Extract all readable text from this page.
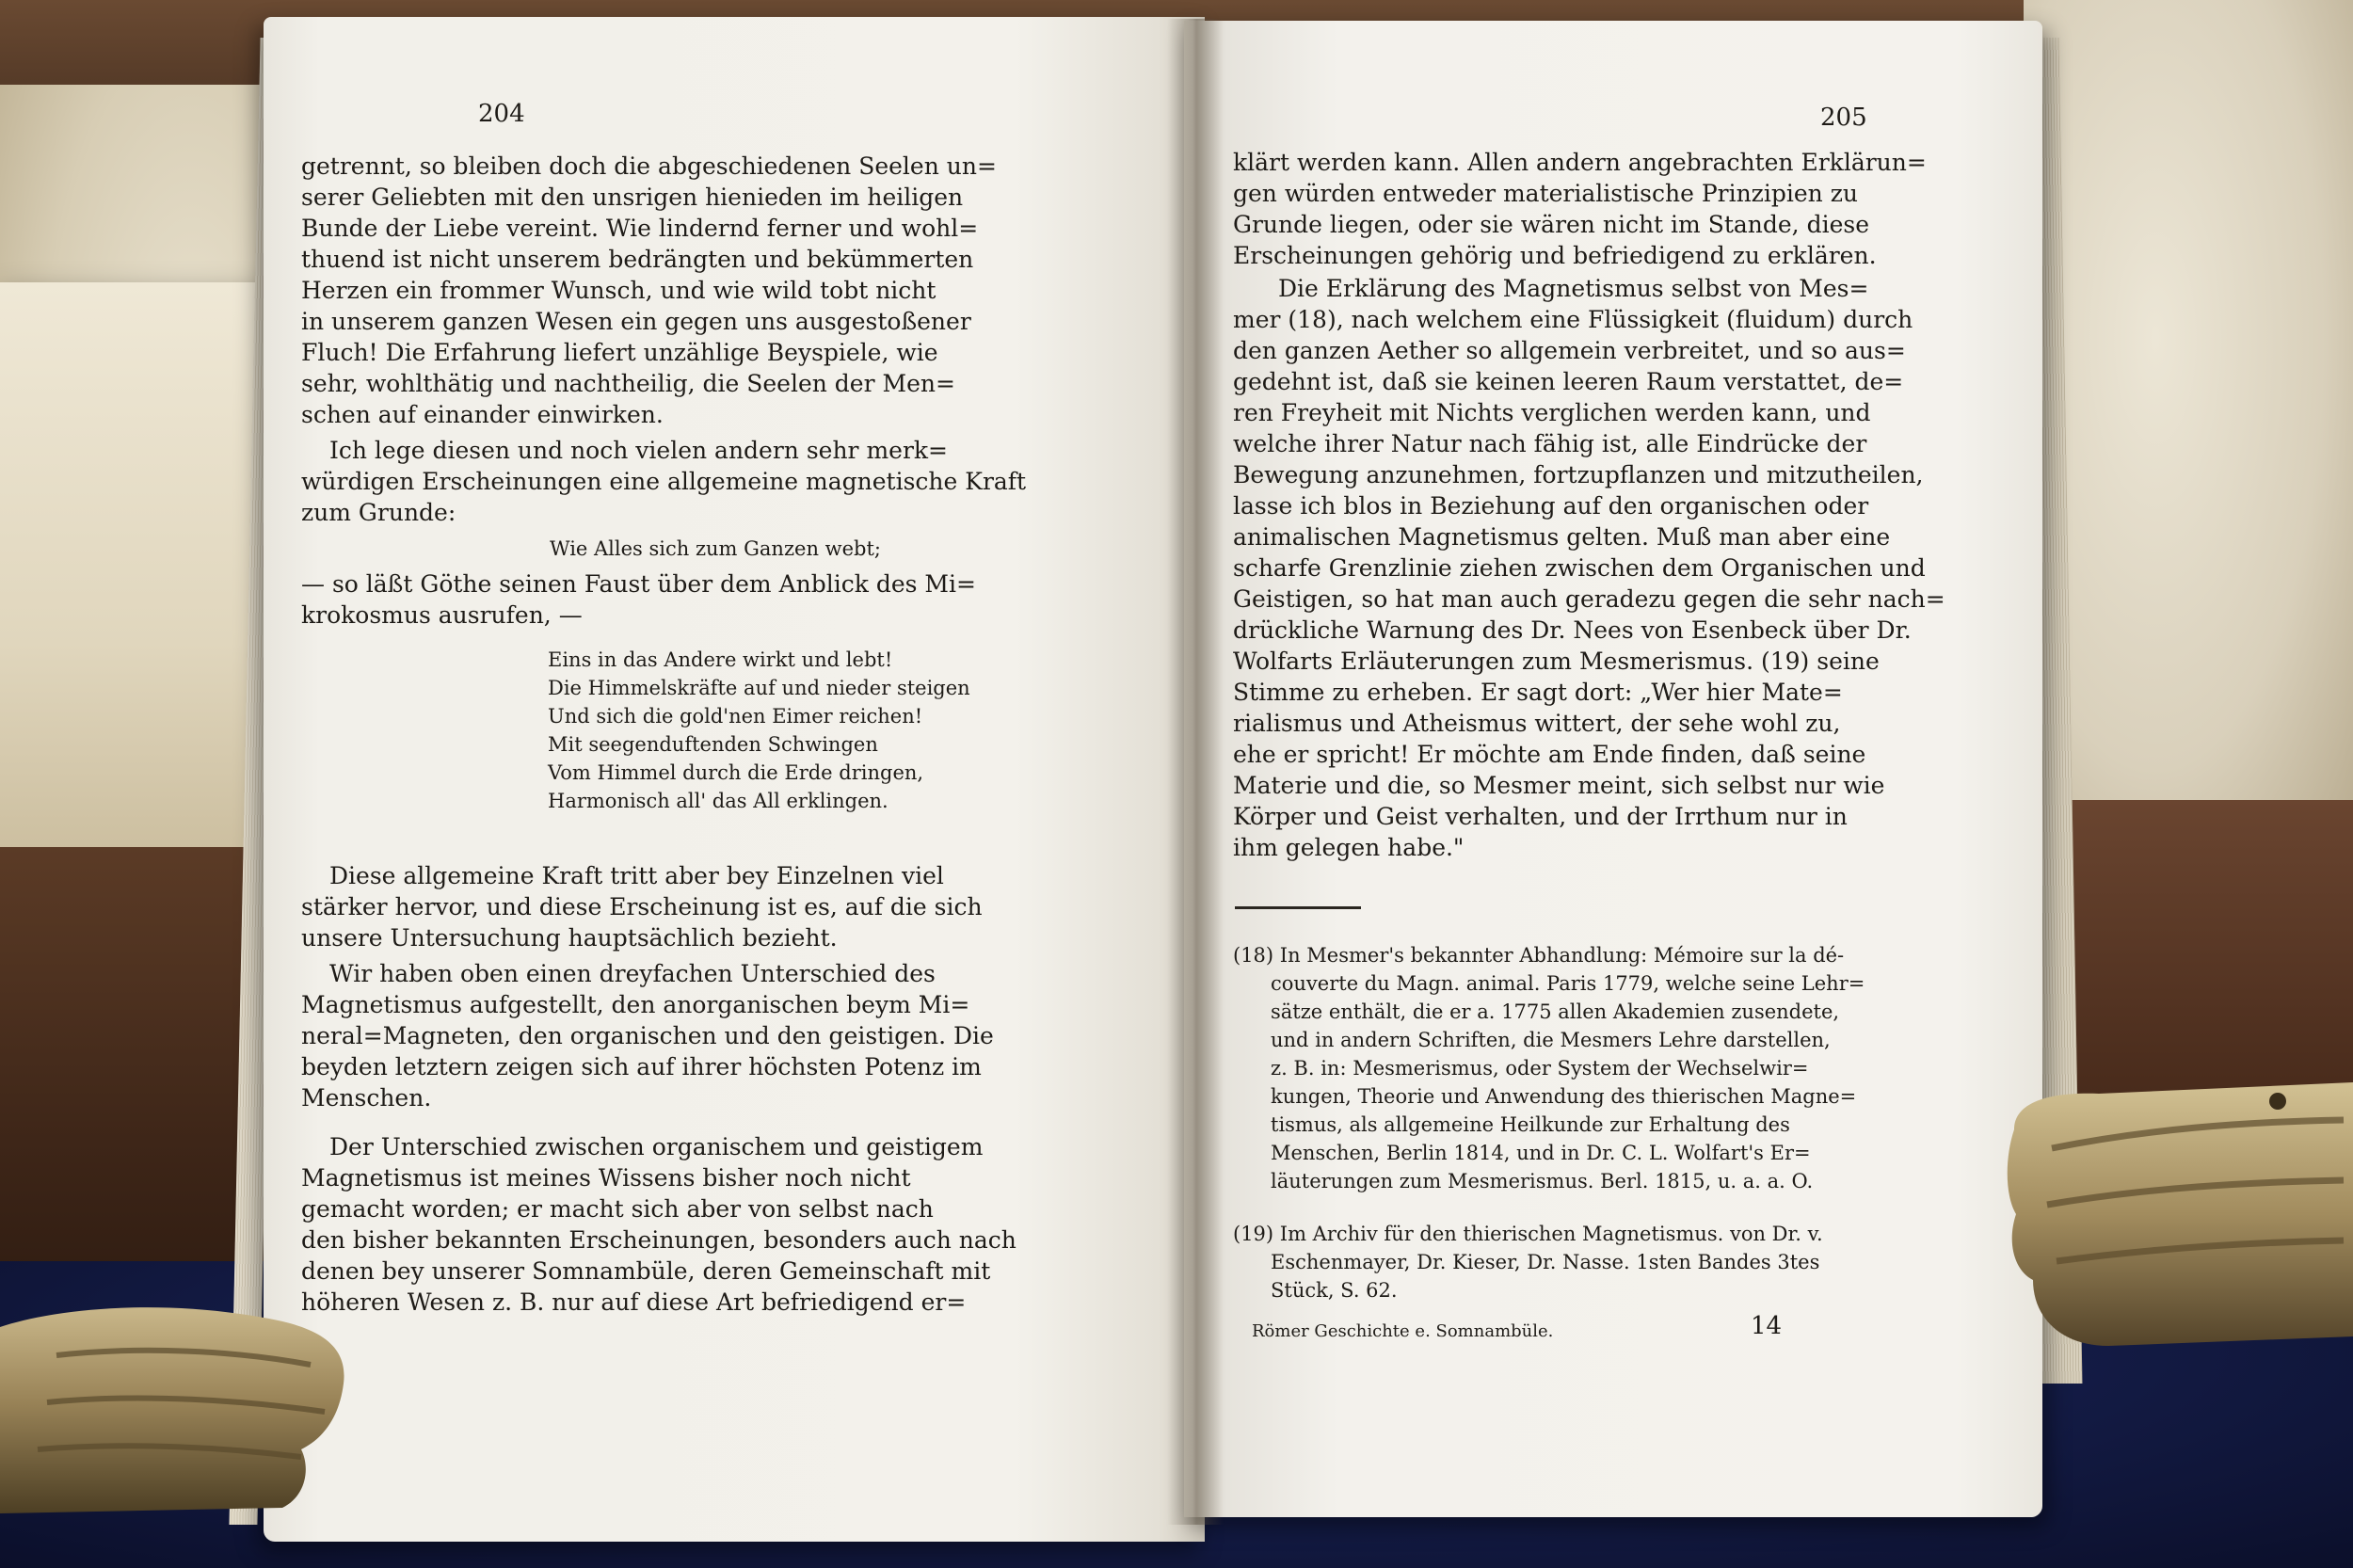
204	205
getrennt, so bleiben doch die abgeschiedenen Seelen un=
serer Geliebten mit den unsrigen hienieden im heiligen
Bunde der Liebe vereint. Wie lindernd ferner und wohl=
thuend ist nicht unserem bedrängten und bekümmerten
Herzen ein frommer Wunsch, und wie wild tobt nicht
in unserem ganzen Wesen ein gegen uns ausgestoßener
Fluch! Die Erfahrung liefert unzählige Beyspiele, wie
sehr, wohlthätig und nachtheilig, die Seelen der Men=
schen auf einander einwirken.
Ich lege diesen und noch vielen andern sehr merk=
würdigen Erscheinungen eine allgemeine magnetische Kraft
zum Grunde:
Wie Alles sich zum Ganzen webt;
— so läßt Göthe seinen Faust über dem Anblick des Mi=
krokosmus ausrufen, —
Eins in das Andere wirkt und lebt!
Die Himmelskräfte auf und nieder steigen
Und sich die gold'nen Eimer reichen!
Mit seegenduftenden Schwingen
Vom Himmel durch die Erde dringen,
Harmonisch all' das All erklingen.
Diese allgemeine Kraft tritt aber bey Einzelnen viel
stärker hervor, und diese Erscheinung ist es, auf die sich
unsere Untersuchung hauptsächlich bezieht.
Wir haben oben einen dreyfachen Unterschied des
Magnetismus aufgestellt, den anorganischen beym Mi=
neral=Magneten, den organischen und den geistigen. Die
beyden letztern zeigen sich auf ihrer höchsten Potenz im
Menschen.
Der Unterschied zwischen organischem und geistigem
Magnetismus ist meines Wissens bisher noch nicht
gemacht worden; er macht sich aber von selbst nach
den bisher bekannten Erscheinungen, besonders auch nach
denen bey unserer Somnambüle, deren Gemeinschaft mit
höheren Wesen z. B. nur auf diese Art befriedigend er=
klärt werden kann. Allen andern angebrachten Erklärun=
gen würden entweder materialistische Prinzipien zu
Grunde liegen, oder sie wären nicht im Stande, diese
Erscheinungen gehörig und befriedigend zu erklären.
Die Erklärung des Magnetismus selbst von Mes=
mer (18), nach welchem eine Flüssigkeit (fluidum) durch
den ganzen Aether so allgemein verbreitet, und so aus=
gedehnt ist, daß sie keinen leeren Raum verstattet, de=
ren Freyheit mit Nichts verglichen werden kann, und
welche ihrer Natur nach fähig ist, alle Eindrücke der
Bewegung anzunehmen, fortzupflanzen und mitzutheilen,
lasse ich blos in Beziehung auf den organischen oder
animalischen Magnetismus gelten. Muß man aber eine
scharfe Grenzlinie ziehen zwischen dem Organischen und
Geistigen, so hat man auch geradezu gegen die sehr nach=
drückliche Warnung des Dr. Nees von Esenbeck über Dr.
Wolfarts Erläuterungen zum Mesmerismus. (19) seine
Stimme zu erheben. Er sagt dort: „Wer hier Mate=
rialismus und Atheismus wittert, der sehe wohl zu,
ehe er spricht! Er möchte am Ende finden, daß seine
Materie und die, so Mesmer meint, sich selbst nur wie
Körper und Geist verhalten, und der Irrthum nur in
ihm gelegen habe."
(18) In Mesmer's bekannter Abhandlung: Mémoire sur la dé-
couverte du Magn. animal. Paris 1779, welche seine Lehr=
sätze enthält, die er a. 1775 allen Akademien zusendete,
und in andern Schriften, die Mesmers Lehre darstellen,
z. B. in: Mesmerismus, oder System der Wechselwir=
kungen, Theorie und Anwendung des thierischen Magne=
tismus, als allgemeine Heilkunde zur Erhaltung des
Menschen, Berlin 1814, und in Dr. C. L. Wolfart's Er=
läuterungen zum Mesmerismus. Berl. 1815, u. a. a. O.
(19) Im Archiv für den thierischen Magnetismus. von Dr. v.
Eschenmayer, Dr. Kieser, Dr. Nasse. 1sten Bandes 3tes
Stück, S. 62.
Römer Geschichte e. Somnambüle.	14
